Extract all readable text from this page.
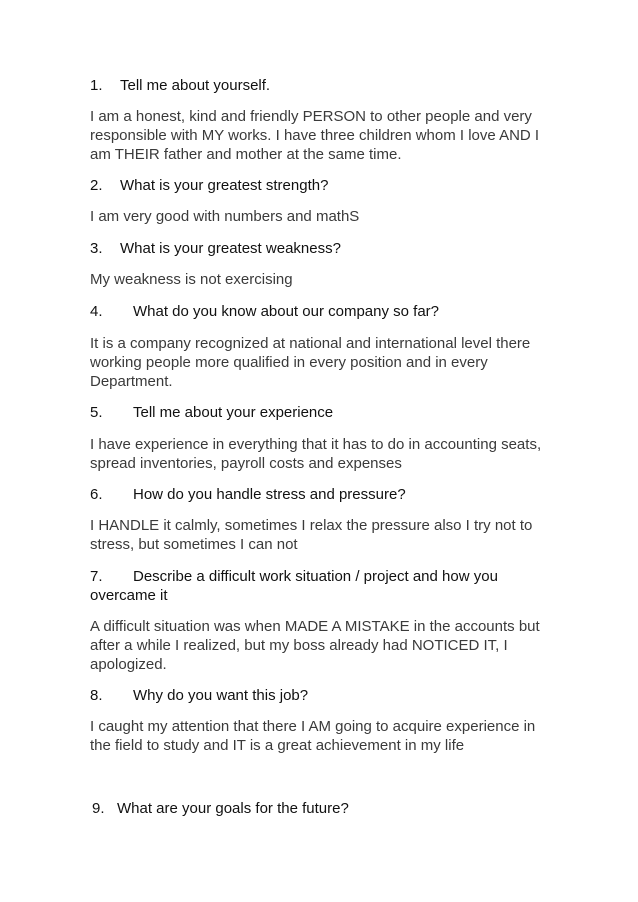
1. Tell me about yourself.

I am a honest, kind and friendly PERSON to other people and very responsible with MY works. I have three children whom I love AND I am THEIR father and mother at the same time.

2. What is your greatest strength?

I am very good with numbers and mathS

3. What is your greatest weakness?

My weakness is not exercising

4. What do you know about our company so far?

It is a company recognized at national and international level there working people more qualified in every position and in every Department.

5. Tell me about your experience

I have experience in everything that it has to do in accounting seats, spread inventories, payroll costs and expenses

6. How do you handle stress and pressure?

I HANDLE it calmly, sometimes I relax the pressure also I try not to stress, but sometimes I can not

7. Describe a difficult work situation / project and how you overcame it

A difficult situation was when MADE A MISTAKE in the accounts but after a while I realized, but my boss already had NOTICED IT, I apologized.

8. Why do you want this job?

I caught my attention that there I AM going to acquire experience in the field to study and IT is a great achievement in my life

9. What are your goals for the future?
